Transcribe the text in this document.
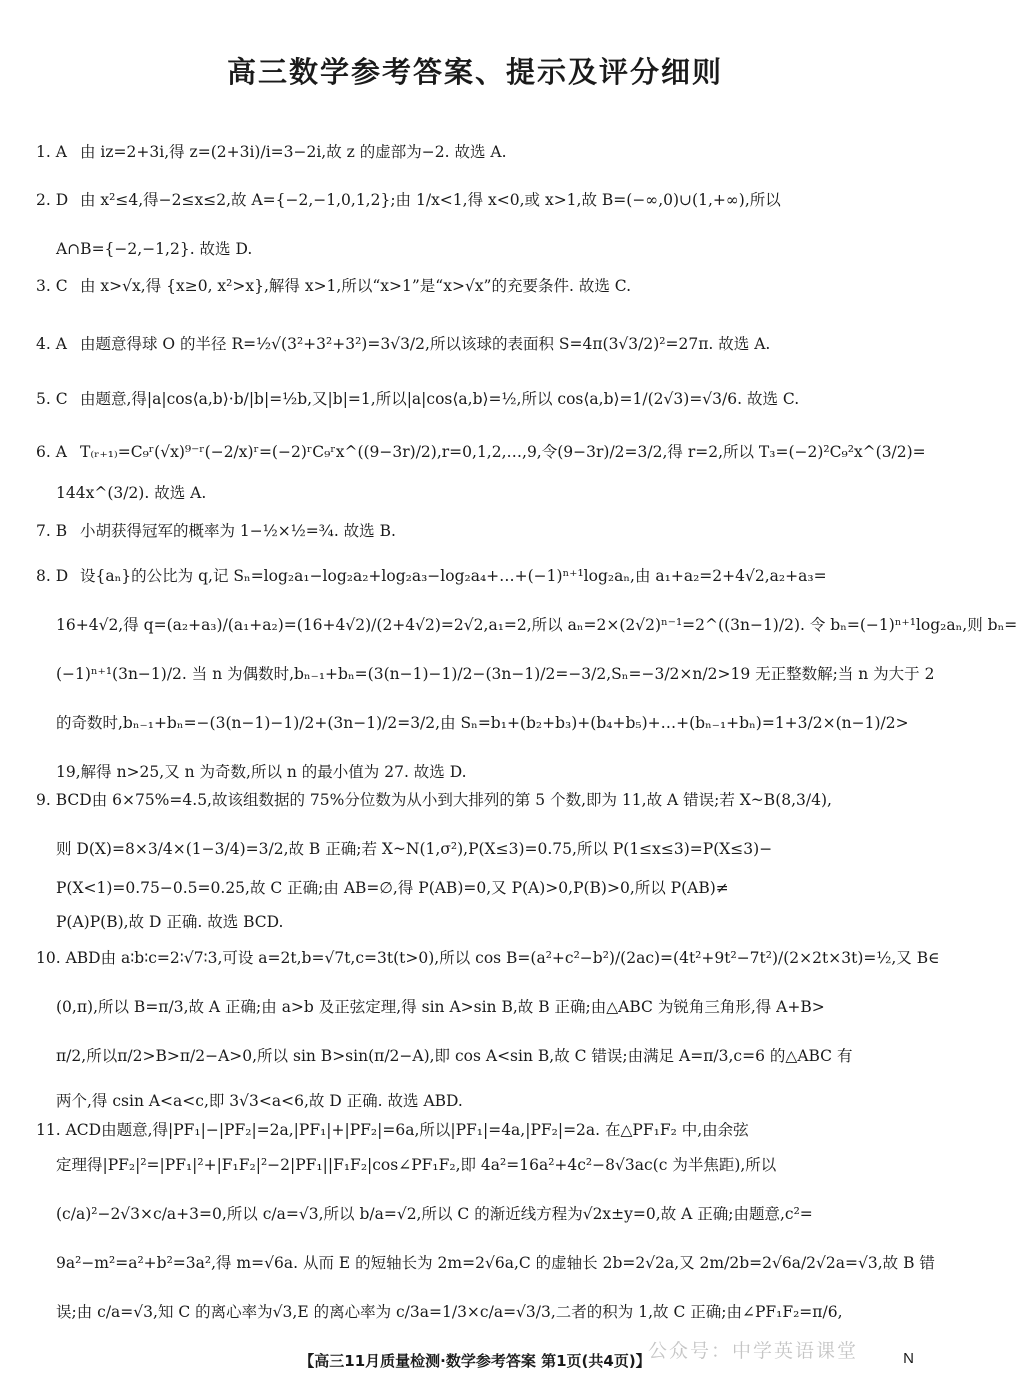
高三数学参考答案、提示及评分细则
1. A 由 iz=2+3i,得 z=(2+3i)/i=3−2i,故 z 的虚部为−2. 故选 A.
2. D 由 x²≤4,得−2≤x≤2,故 A={−2,−1,0,1,2};由 1/x<1,得 x<0,或 x>1,故 B=(−∞,0)∪(1,+∞),所以
A∩B={−2,−1,2}. 故选 D.
3. C 由 x>√x,得 {x≥0, x²>x},解得 x>1,所以“x>1”是“x>√x”的充要条件. 故选 C.
4. A 由题意得球 O 的半径 R=½√(3²+3²+3²)=3√3/2,所以该球的表面积 S=4π(3√3/2)²=27π. 故选 A.
5. C 由题意,得|a|cos⟨a,b⟩·b/|b|=½b,又|b|=1,所以|a|cos⟨a,b⟩=½,所以 cos⟨a,b⟩=1/(2√3)=√3/6. 故选 C.
6. A T₍ᵣ₊₁₎=C₉ʳ(√x)⁹⁻ʳ(−2/x)ʳ=(−2)ʳC₉ʳx^((9−3r)/2),r=0,1,2,…,9,令(9−3r)/2=3/2,得 r=2,所以 T₃=(−2)²C₉²x^(3/2)=
144x^(3/2). 故选 A.
7. B 小胡获得冠军的概率为 1−½×½=¾. 故选 B.
8. D 设{aₙ}的公比为 q,记 Sₙ=log₂a₁−log₂a₂+log₂a₃−log₂a₄+…+(−1)ⁿ⁺¹log₂aₙ,由 a₁+a₂=2+4√2,a₂+a₃=
16+4√2,得 q=(a₂+a₃)/(a₁+a₂)=(16+4√2)/(2+4√2)=2√2,a₁=2,所以 aₙ=2×(2√2)ⁿ⁻¹=2^((3n−1)/2). 令 bₙ=(−1)ⁿ⁺¹log₂aₙ,则 bₙ=
(−1)ⁿ⁺¹(3n−1)/2. 当 n 为偶数时,bₙ₋₁+bₙ=(3(n−1)−1)/2−(3n−1)/2=−3/2,Sₙ=−3/2×n/2>19 无正整数解;当 n 为大于 2
的奇数时,bₙ₋₁+bₙ=−(3(n−1)−1)/2+(3n−1)/2=3/2,由 Sₙ=b₁+(b₂+b₃)+(b₄+b₅)+…+(bₙ₋₁+bₙ)=1+3/2×(n−1)/2>
19,解得 n>25,又 n 为奇数,所以 n 的最小值为 27. 故选 D.
9. BCD由 6×75%=4.5,故该组数据的 75%分位数为从小到大排列的第 5 个数,即为 11,故 A 错误;若 X~B(8,3/4),
则 D(X)=8×3/4×(1−3/4)=3/2,故 B 正确;若 X~N(1,σ²),P(X≤3)=0.75,所以 P(1≤x≤3)=P(X≤3)−
P(X<1)=0.75−0.5=0.25,故 C 正确;由 AB=∅,得 P(AB)=0,又 P(A)>0,P(B)>0,所以 P(AB)≠
P(A)P(B),故 D 正确. 故选 BCD.
10. ABD由 a∶b∶c=2∶√7∶3,可设 a=2t,b=√7t,c=3t(t>0),所以 cos B=(a²+c²−b²)/(2ac)=(4t²+9t²−7t²)/(2×2t×3t)=½,又 B∈
(0,π),所以 B=π/3,故 A 正确;由 a>b 及正弦定理,得 sin A>sin B,故 B 正确;由△ABC 为锐角三角形,得 A+B>
π/2,所以π/2>B>π/2−A>0,所以 sin B>sin(π/2−A),即 cos A<sin B,故 C 错误;由满足 A=π/3,c=6 的△ABC 有
两个,得 csin A<a<c,即 3√3<a<6,故 D 正确. 故选 ABD.
11. ACD由题意,得|PF₁|−|PF₂|=2a,|PF₁|+|PF₂|=6a,所以|PF₁|=4a,|PF₂|=2a. 在△PF₁F₂ 中,由余弦
定理得|PF₂|²=|PF₁|²+|F₁F₂|²−2|PF₁||F₁F₂|cos∠PF₁F₂,即 4a²=16a²+4c²−8√3ac(c 为半焦距),所以
(c/a)²−2√3×c/a+3=0,所以 c/a=√3,所以 b/a=√2,所以 C 的渐近线方程为√2x±y=0,故 A 正确;由题意,c²=
9a²−m²=a²+b²=3a²,得 m=√6a. 从而 E 的短轴长为 2m=2√6a,C 的虚轴长 2b=2√2a,又 2m/2b=2√6a/2√2a=√3,故 B 错
误;由 c/a=√3,知 C 的离心率为√3,E 的离心率为 c/3a=1/3×c/a=√3/3,二者的积为 1,故 C 正确;由∠PF₁F₂=π/6,
公众号：中学英语课堂
【高三11月质量检测·数学参考答案 第1页(共4页)】	N
